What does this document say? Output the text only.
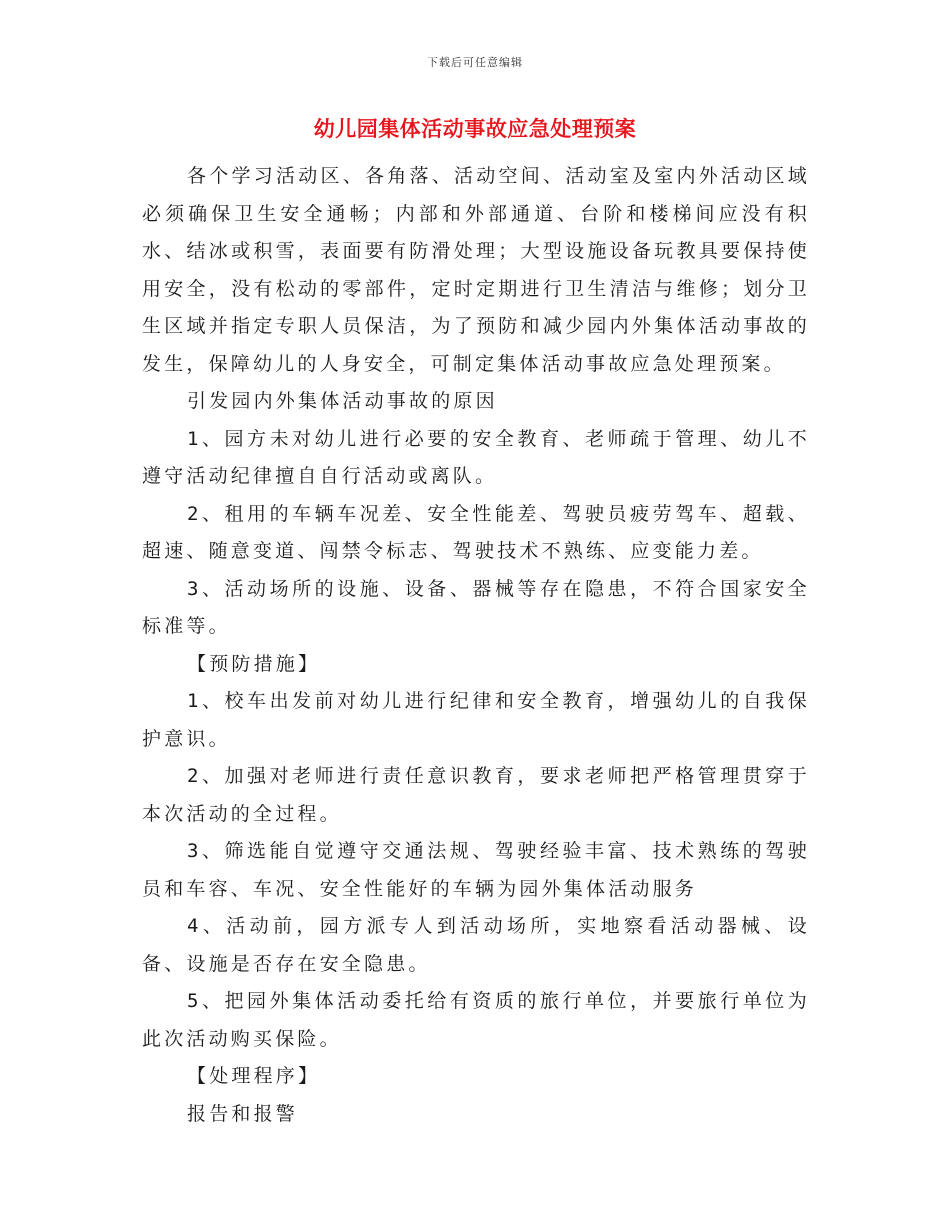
下载后可任意编辑
幼儿园集体活动事故应急处理预案

各个学习活动区、各角落、活动空间、活动室及室内外活动区域必须确保卫生安全通畅；内部和外部通道、台阶和楼梯间应没有积水、结冰或积雪，表面要有防滑处理；大型设施设备玩教具要保持使用安全，没有松动的零部件，定时定期进行卫生清洁与维修；划分卫生区域并指定专职人员保洁，为了预防和减少园内外集体活动事故的发生，保障幼儿的人身安全，可制定集体活动事故应急处理预案。

引发园内外集体活动事故的原因

1、园方未对幼儿进行必要的安全教育、老师疏于管理、幼儿不遵守活动纪律擅自自行活动或离队。

2、租用的车辆车况差、安全性能差、驾驶员疲劳驾车、超载、超速、随意变道、闯禁令标志、驾驶技术不熟练、应变能力差。

3、活动场所的设施、设备、器械等存在隐患，不符合国家安全标准等。

【预防措施】

1、校车出发前对幼儿进行纪律和安全教育，增强幼儿的自我保护意识。

2、加强对老师进行责任意识教育，要求老师把严格管理贯穿于本次活动的全过程。

3、筛选能自觉遵守交通法规、驾驶经验丰富、技术熟练的驾驶员和车容、车况、安全性能好的车辆为园外集体活动服务

4、活动前，园方派专人到活动场所，实地察看活动器械、设备、设施是否存在安全隐患。

5、把园外集体活动委托给有资质的旅行单位，并要旅行单位为此次活动购买保险。

【处理程序】

报告和报警
